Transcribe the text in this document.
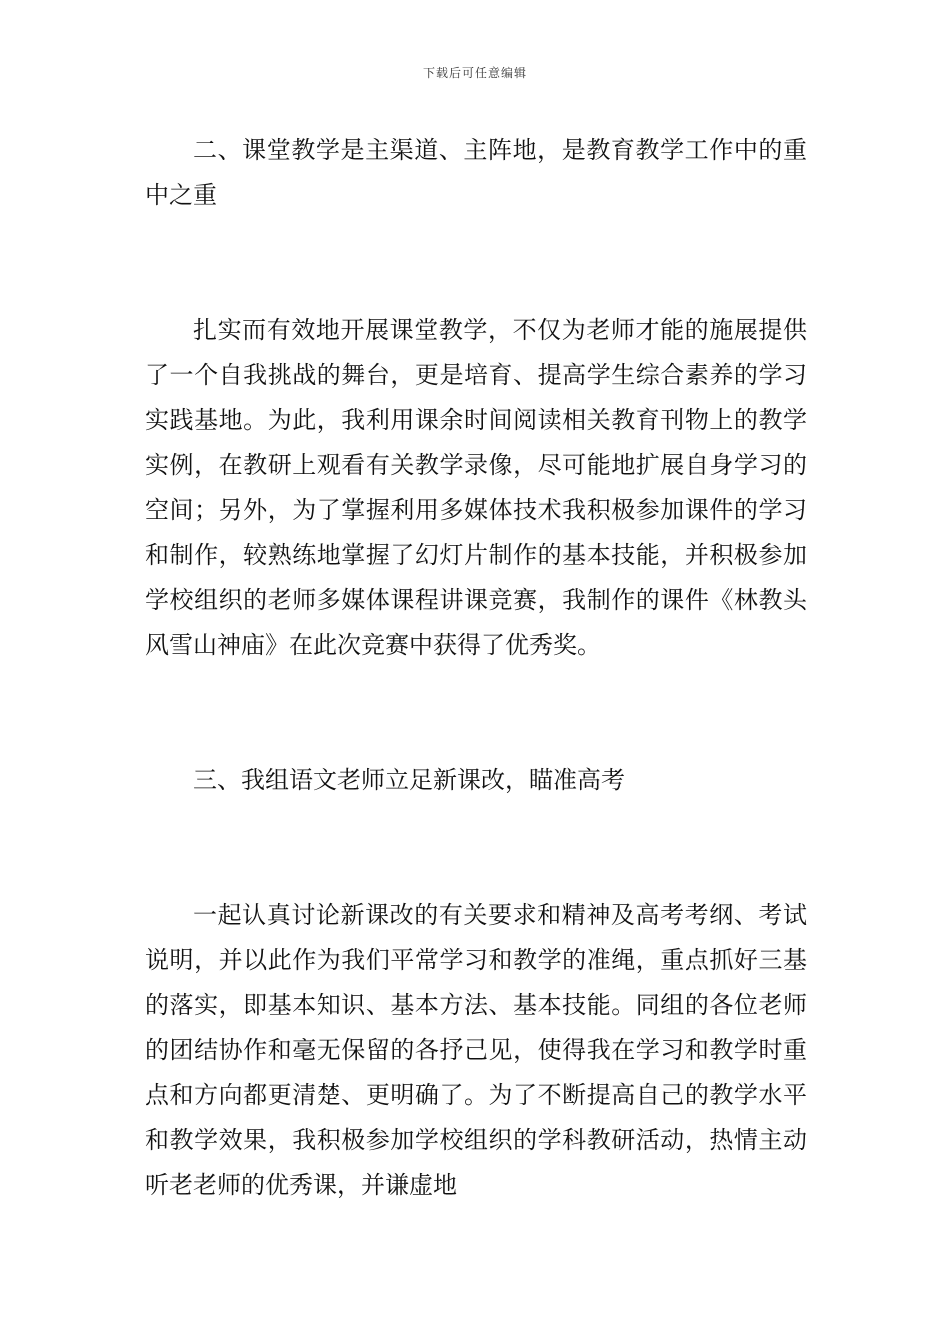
下载后可任意编辑

二、课堂教学是主渠道、主阵地，是教育教学工作中的重中之重

扎实而有效地开展课堂教学，不仅为老师才能的施展提供了一个自我挑战的舞台，更是培育、提高学生综合素养的学习实践基地。为此，我利用课余时间阅读相关教育刊物上的教学实例，在教研上观看有关教学录像，尽可能地扩展自身学习的空间；另外，为了掌握利用多媒体技术我积极参加课件的学习和制作，较熟练地掌握了幻灯片制作的基本技能，并积极参加学校组织的老师多媒体课程讲课竞赛，我制作的课件《林教头风雪山神庙》在此次竞赛中获得了优秀奖。

三、我组语文老师立足新课改，瞄准高考

一起认真讨论新课改的有关要求和精神及高考考纲、考试说明，并以此作为我们平常学习和教学的准绳，重点抓好三基的落实，即基本知识、基本方法、基本技能。同组的各位老师的团结协作和毫无保留的各抒己见，使得我在学习和教学时重点和方向都更清楚、更明确了。为了不断提高自己的教学水平和教学效果，我积极参加学校组织的学科教研活动，热情主动听老老师的优秀课，并谦虚地
